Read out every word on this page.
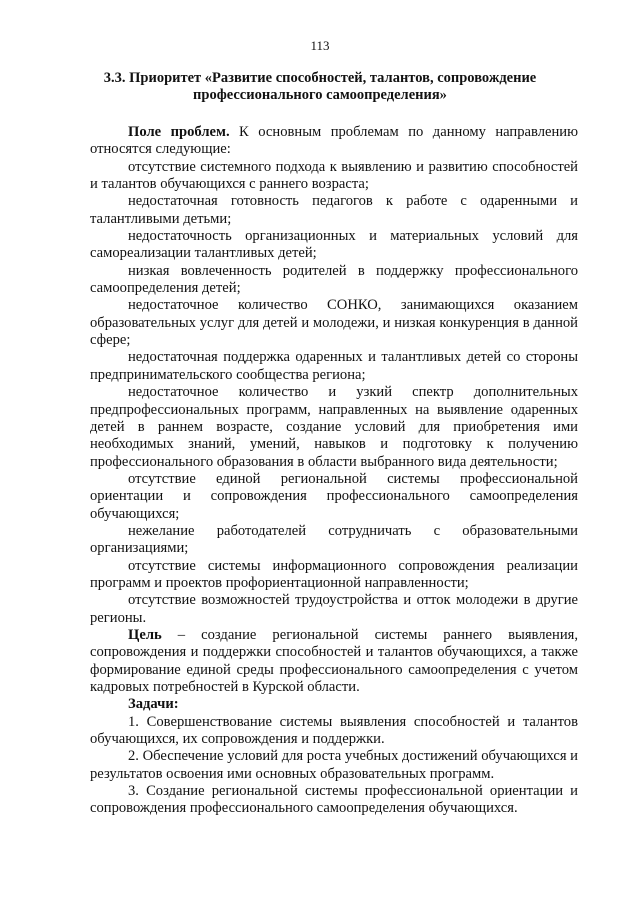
113
3.3. Приоритет «Развитие способностей, талантов, сопровождение
профессионального самоопределения»

Поле проблем. К основным проблемам по данному направлению относятся следующие:

отсутствие системного подхода к выявлению и развитию способностей и талантов обучающихся с раннего возраста;

недостаточная готовность педагогов к работе с одаренными и талантливыми детьми;

недостаточность организационных и материальных условий для самореализации талантливых детей;

низкая вовлеченность родителей в поддержку профессионального самоопределения детей;

недостаточное количество СОНКО, занимающихся оказанием образовательных услуг для детей и молодежи, и низкая конкуренция в данной сфере;

недостаточная поддержка одаренных и талантливых детей со стороны предпринимательского сообщества региона;

недостаточное количество и узкий спектр дополнительных предпрофессиональных программ, направленных на выявление одаренных детей в раннем возрасте, создание условий для приобретения ими необходимых знаний, умений, навыков и подготовку к получению профессионального образования в области выбранного вида деятельности;

отсутствие единой региональной системы профессиональной ориентации и сопровождения профессионального самоопределения обучающихся;

нежелание работодателей сотрудничать с образовательными организациями;

отсутствие системы информационного сопровождения реализации программ и проектов профориентационной направленности;

отсутствие возможностей трудоустройства и отток молодежи в другие регионы.

Цель – создание региональной системы раннего выявления, сопровождения и поддержки способностей и талантов обучающихся, а также формирование единой среды профессионального самоопределения с учетом кадровых потребностей в Курской области.

Задачи:

1. Совершенствование системы выявления способностей и талантов обучающихся, их сопровождения и поддержки.

2. Обеспечение условий для роста учебных достижений обучающихся и результатов освоения ими основных образовательных программ.

3. Создание региональной системы профессиональной ориентации и сопровождения профессионального самоопределения обучающихся.
